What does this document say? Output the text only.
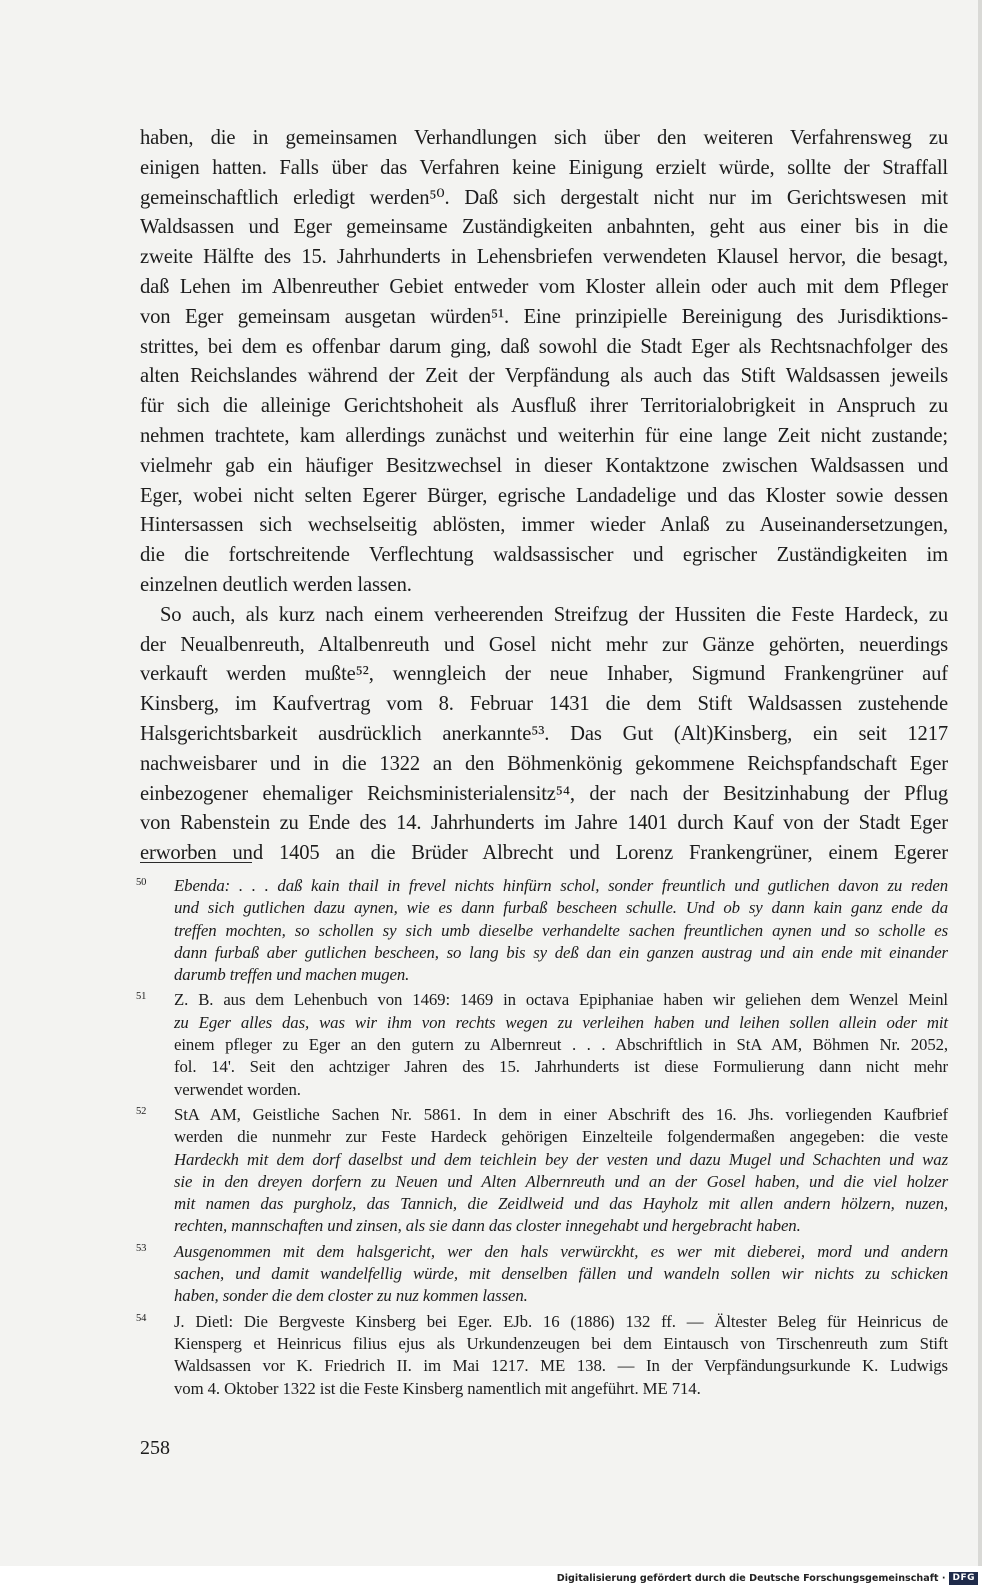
haben, die in gemeinsamen Verhandlungen sich über den weiteren Verfahrensweg zu
einigen hatten. Falls über das Verfahren keine Einigung erzielt würde, sollte der Straffall
gemeinschaftlich erledigt werden⁵⁰. Daß sich dergestalt nicht nur im Gerichtswesen mit
Waldsassen und Eger gemeinsame Zuständigkeiten anbahnten, geht aus einer bis in die
zweite Hälfte des 15. Jahrhunderts in Lehensbriefen verwendeten Klausel hervor, die besagt,
daß Lehen im Albenreuther Gebiet entweder vom Kloster allein oder auch mit dem Pfleger
von Eger gemeinsam ausgetan würden⁵¹. Eine prinzipielle Bereinigung des Jurisdiktions-
strittes, bei dem es offenbar darum ging, daß sowohl die Stadt Eger als Rechtsnachfolger des
alten Reichslandes während der Zeit der Verpfändung als auch das Stift Waldsassen jeweils
für sich die alleinige Gerichtshoheit als Ausfluß ihrer Territorialobrigkeit in Anspruch zu
nehmen trachtete, kam allerdings zunächst und weiterhin für eine lange Zeit nicht zustande;
vielmehr gab ein häufiger Besitzwechsel in dieser Kontaktzone zwischen Waldsassen und
Eger, wobei nicht selten Egerer Bürger, egrische Landadelige und das Kloster sowie dessen
Hintersassen sich wechselseitig ablösten, immer wieder Anlaß zu Auseinandersetzungen,
die die fortschreitende Verflechtung waldsassischer und egrischer Zuständigkeiten im
einzelnen deutlich werden lassen.
So auch, als kurz nach einem verheerenden Streifzug der Hussiten die Feste Hardeck, zu
der Neualbenreuth, Altalbenreuth und Gosel nicht mehr zur Gänze gehörten, neuerdings
verkauft werden mußte⁵², wenngleich der neue Inhaber, Sigmund Frankengrüner auf
Kinsberg, im Kaufvertrag vom 8. Februar 1431 die dem Stift Waldsassen zustehende
Halsgerichtsbarkeit ausdrücklich anerkannte⁵³. Das Gut (Alt)Kinsberg, ein seit 1217
nachweisbarer und in die 1322 an den Böhmenkönig gekommene Reichspfandschaft Eger
einbezogener ehemaliger Reichsministerialensitz⁵⁴, der nach der Besitzinhabung der Pflug
von Rabenstein zu Ende des 14. Jahrhunderts im Jahre 1401 durch Kauf von der Stadt Eger
erworben und 1405 an die Brüder Albrecht und Lorenz Frankengrüner, einem Egerer
50 Ebenda: . . . daß kain thail in frevel nichts hinfürn schol, sonder freuntlich und gutlichen davon zu reden
und sich gutlichen dazu aynen, wie es dann furbaß bescheen schulle. Und ob sy dann kain ganz ende da
treffen mochten, so schollen sy sich umb dieselbe verhandelte sachen freuntlichen aynen und so scholle es
dann furbaß aber gutlichen bescheen, so lang bis sy deß dan ein ganzen austrag und ain ende mit einander
darumb treffen und machen mugen.
51 Z. B. aus dem Lehenbuch von 1469: 1469 in octava Epiphaniae haben wir geliehen dem Wenzel Meinl
zu Eger alles das, was wir ihm von rechts wegen zu verleihen haben und leihen sollen allein oder mit
einem pfleger zu Eger an den gutern zu Albernreut . . . Abschriftlich in StA AM, Böhmen Nr. 2052,
fol. 14'. Seit den achtziger Jahren des 15. Jahrhunderts ist diese Formulierung dann nicht mehr
verwendet worden.
52 StA AM, Geistliche Sachen Nr. 5861. In dem in einer Abschrift des 16. Jhs. vorliegenden Kaufbrief
werden die nunmehr zur Feste Hardeck gehörigen Einzelteile folgendermaßen angegeben: die veste
Hardeckh mit dem dorf daselbst und dem teichlein bey der vesten und dazu Mugel und Schachten und waz
sie in den dreyen dorfern zu Neuen und Alten Albernreuth und an der Gosel haben, und die viel holzer
mit namen das purgholz, das Tannich, die Zeidlweid und das Hayholz mit allen andern hölzern, nuzen,
rechten, mannschaften und zinsen, als sie dann das closter innegehabt und hergebracht haben.
53 Ausgenommen mit dem halsgericht, wer den hals verwürckht, es wer mit dieberei, mord und andern
sachen, und damit wandelfellig würde, mit denselben fällen und wandeln sollen wir nichts zu schicken
haben, sonder die dem closter zu nuz kommen lassen.
54 J. Dietl: Die Bergveste Kinsberg bei Eger. EJb. 16 (1886) 132 ff. — Ältester Beleg für Heinricus de
Kiensperg et Heinricus filius ejus als Urkundenzeugen bei dem Eintausch von Tirschenreuth zum Stift
Waldsassen vor K. Friedrich II. im Mai 1217. ME 138. — In der Verpfändungsurkunde K. Ludwigs
vom 4. Oktober 1322 ist die Feste Kinsberg namentlich mit angeführt. ME 714.
258
Digitalisierung gefördert durch die Deutsche Forschungsgemeinschaft · DFG
